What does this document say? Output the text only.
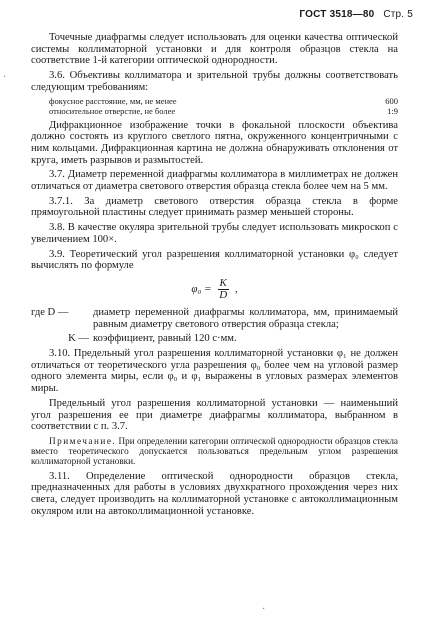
ГОСТ 3518—80 Стр. 5
·

Точечные диафрагмы следует использовать для оценки качества оптической системы коллиматорной установки и для контроля образцов стекла на соответствие 1-й категории оптической однородности.

3.6. Объективы коллиматора и зрительной трубы должны соответствовать следующим требованиям:

фокусное расстояние, мм, не менее	600
относительное отверстие, не более	1:9

Дифракционное изображение точки в фокальной плоскости объектива должно состоять из круглого светлого пятна, окруженного концентричными с ним кольцами. Дифракционная картина не должна обнаруживать отклонения от круга, иметь разрывов и размытостей.

3.7. Диаметр переменной диафрагмы коллиматора в миллиметрах не должен отличаться от диаметра светового отверстия образца стекла более чем на 5 мм.

3.7.1. За диаметр светового отверстия образца стекла в форме прямоугольной пластины следует принимать размер меньшей стороны.

3.8. В качестве окуляра зрительной трубы следует использовать микроскоп с увеличением 100×.

3.9. Теоретический угол разрешения коллиматорной установки φ₀ следует вычислять по формуле

$\varphi_0 = \frac{K}{D}$ ,
где D —	диаметр переменной диафрагмы коллиматора, мм, принимаемый равным диаметру светового отверстия образца стекла;
K — коэффициент, равный 120 с·мм.

3.10. Предельный угол разрешения коллиматорной установки φ₁ не должен отличаться от теоретического угла разрешения φ₀ более чем на угловой размер одного элемента миры, если φ₀ и φ₁ выражены в угловых размерах элементов миры.

Предельный угол разрешения коллиматорной установки — наименьший угол разрешения ее при диаметре диафрагмы коллиматора, выбранном в соответствии с п. 3.7.

Примечание. При определении категории оптической однородности образцов стекла вместо теоретического допускается пользоваться предельным углом разрешения коллиматорной установки.

3.11. Определение оптической однородности образцов стекла, предназначенных для работы в условиях двухкратного прохождения через них света, следует производить на коллиматорной установке с автоколлимационным окуляром или на автоколлимационной установке.

·
